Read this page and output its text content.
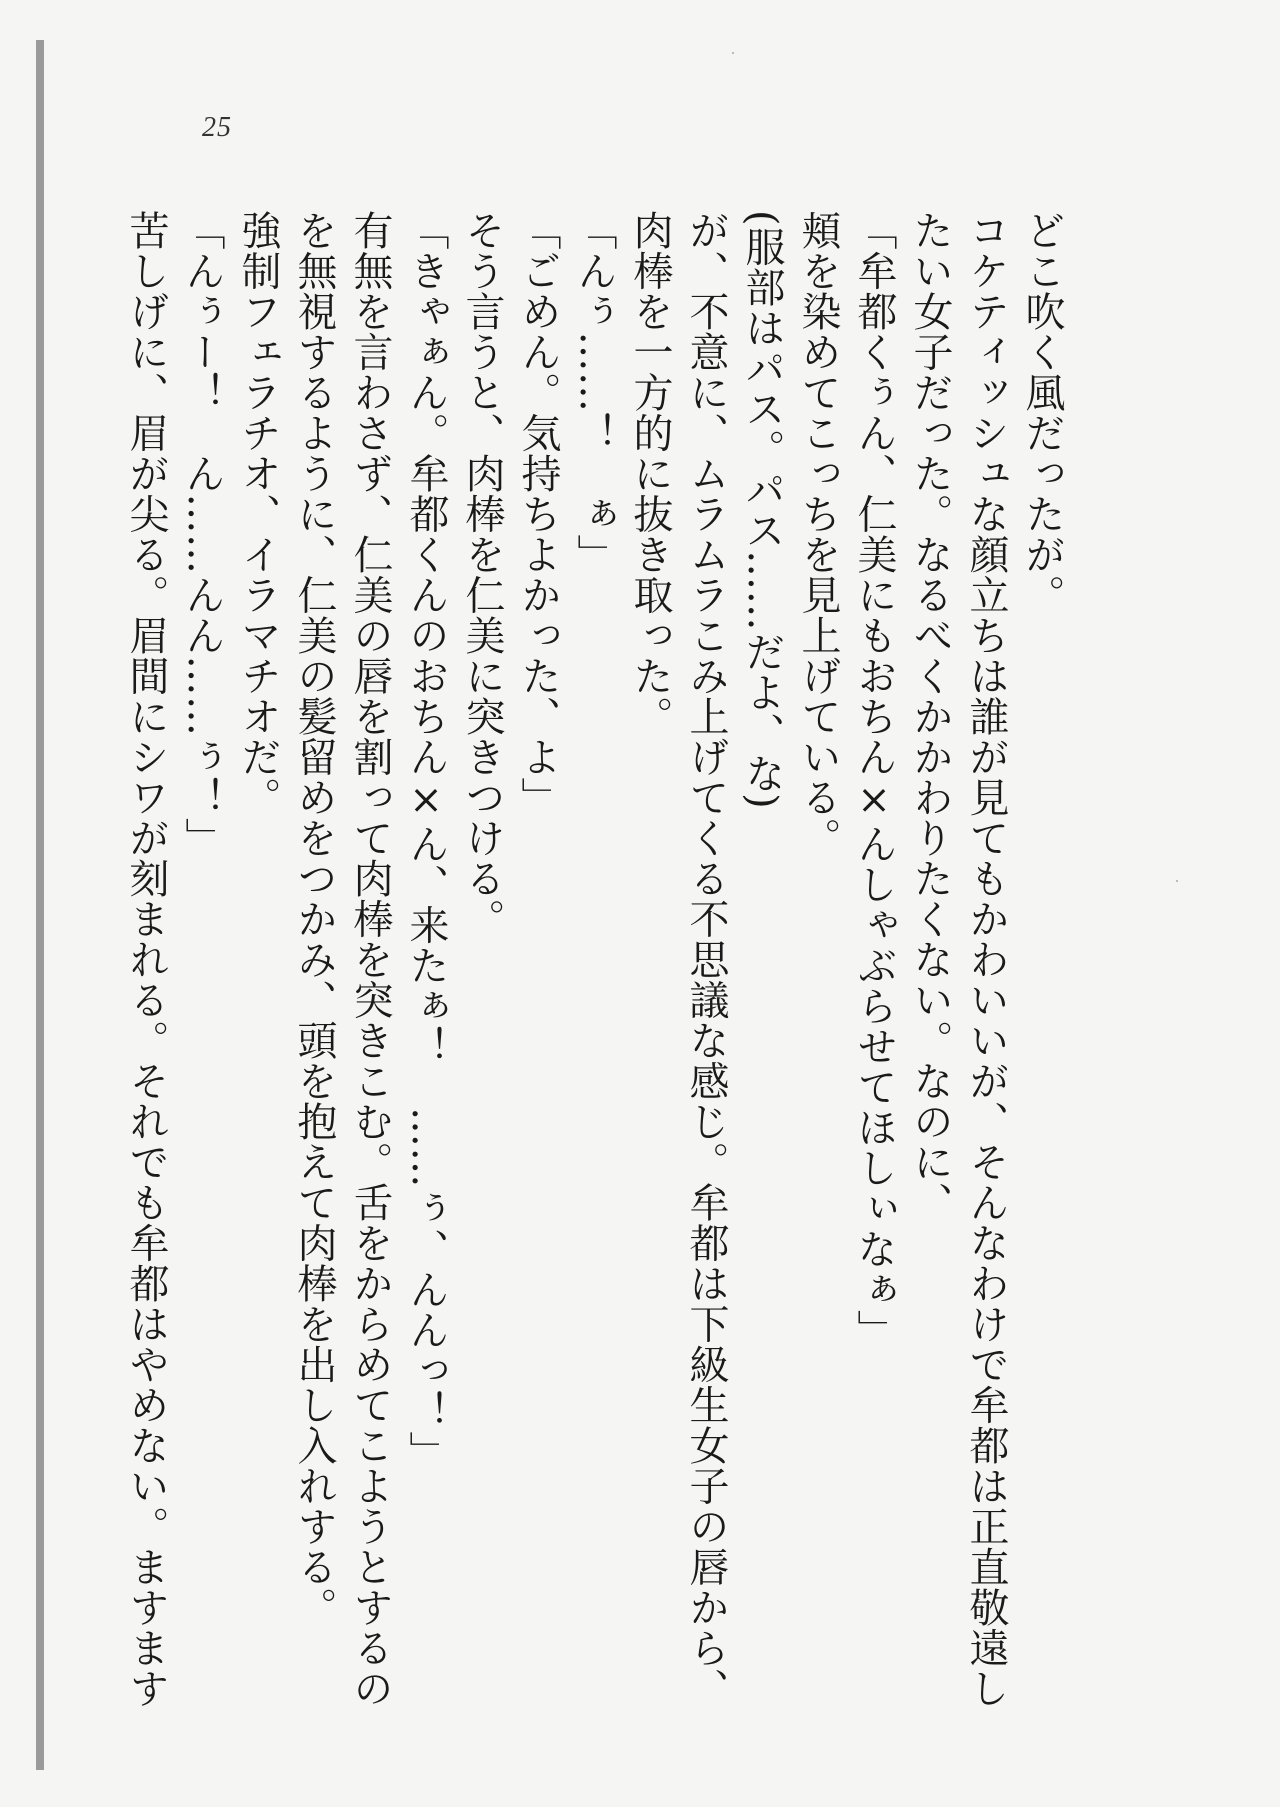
25
どこ吹く風だったが。
コケティッシュな顔立ちは誰が見てもかわいいが、そんなわけで牟都は正直敬遠し
たい女子だった。なるべくかかわりたくない。なのに、
「牟都くぅん、仁美にもおちん×んしゃぶらせてほしぃなぁ」
頬を染めてこっちを見上げている。
(服部はパス。パス……だよ、な)
が、不意に、ムラムラこみ上げてくる不思議な感じ。牟都は下級生女子の唇から、
肉棒を一方的に抜き取った。
「んぅ……！　ぁ」
「ごめん。気持ちよかった、よ」
そう言うと、肉棒を仁美に突きつける。
「きゃぁん。牟都くんのおちん×ん、来たぁ！　……ぅ、んんっ！」
有無を言わさず、仁美の唇を割って肉棒を突きこむ。舌をからめてこようとするの
を無視するように、仁美の髪留めをつかみ、頭を抱えて肉棒を出し入れする。
強制フェラチオ、イラマチオだ。
「んぅー！　ん……んん……ぅ！」
苦しげに、眉が尖る。眉間にシワが刻まれる。それでも牟都はやめない。ますます
